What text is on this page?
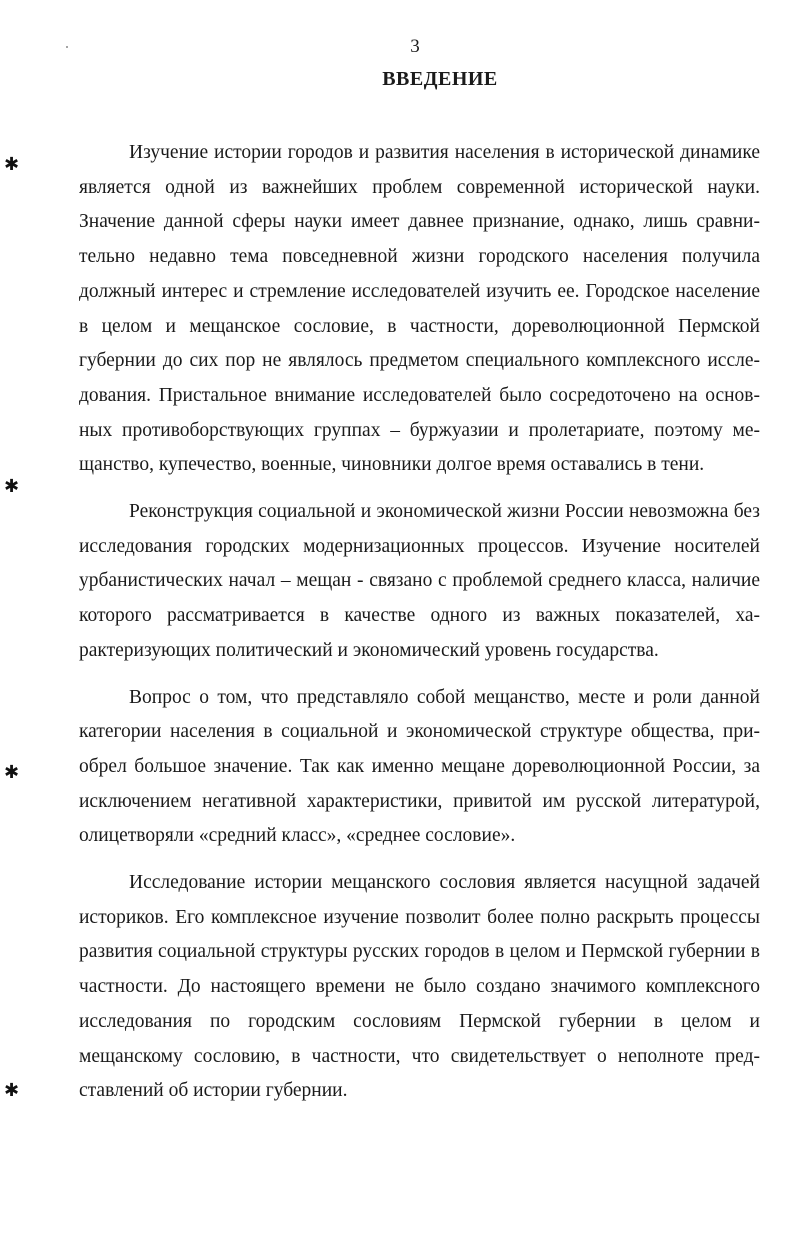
3
ВВЕДЕНИЕ

Изучение истории городов и развития населения в исторической динамике является одной из важнейших проблем современной исторической науки. Значение данной сферы науки имеет давнее признание, однако, лишь сравнительно недавно тема повседневной жизни городского населения получила должный интерес и стремление исследователей изучить ее. Городское население в целом и мещанское сословие, в частности, дореволюционной Пермской губернии до сих пор не являлось предметом специального комплексного исследования. Пристальное внимание исследователей было сосредоточено на основных противоборствующих группах – буржуазии и пролетариате, поэтому мещанство, купечество, военные, чиновники долгое время оставались в тени.

Реконструкция социальной и экономической жизни России невозможна без исследования городских модернизационных процессов. Изучение носителей урбанистических начал – мещан - связано с проблемой среднего класса, наличие которого рассматривается в качестве одного из важных показателей, характеризующих политический и экономический уровень государства.

Вопрос о том, что представляло собой мещанство, месте и роли данной категории населения в социальной и экономической структуре общества, приобрел большое значение. Так как именно мещане дореволюционной России, за исключением негативной характеристики, привитой им русской литературой, олицетворяли «средний класс», «среднее сословие».

Исследование истории мещанского сословия является насущной задачей историков. Его комплексное изучение позволит более полно раскрыть процессы развития социальной структуры русских городов в целом и Пермской губернии в частности. До настоящего времени не было создано значимого комплексного исследования по городским сословиям Пермской губернии в целом и мещанскому сословию, в частности, что свидетельствует о неполноте представлений об истории губернии.

✱
✱
✱
✱
